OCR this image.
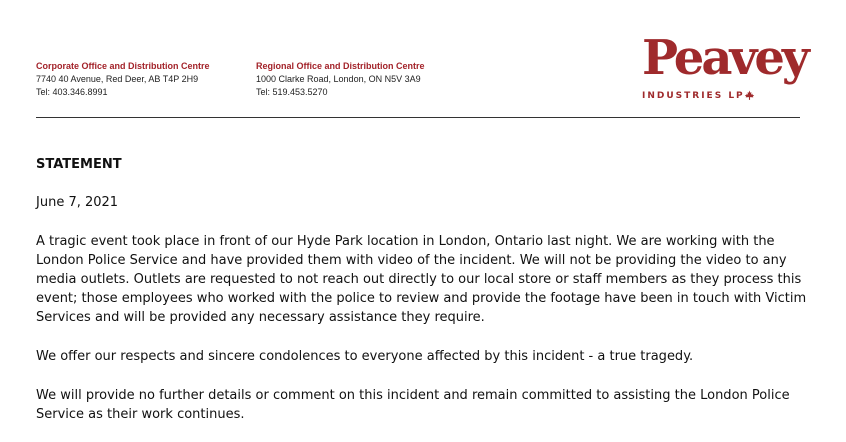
Corporate Office and Distribution Centre
7740 40 Avenue, Red Deer, AB T4P 2H9
Tel: 403.346.8991
Regional Office and Distribution Centre
1000 Clarke Road, London, ON N5V 3A9
Tel: 519.453.5270
Peavey
INDUSTRIES LP
STATEMENT
June 7, 2021

A tragic event took place in front of our Hyde Park location in London, Ontario last night. We are working with the London Police Service and have provided them with video of the incident. We will not be providing the video to any media outlets. Outlets are requested to not reach out directly to our local store or staff members as they process this event; those employees who worked with the police to review and provide the footage have been in touch with Victim Services and will be provided any necessary assistance they require.

We offer our respects and sincere condolences to everyone affected by this incident - a true tragedy.

We will provide no further details or comment on this incident and remain committed to assisting the London Police Service as their work continues.
